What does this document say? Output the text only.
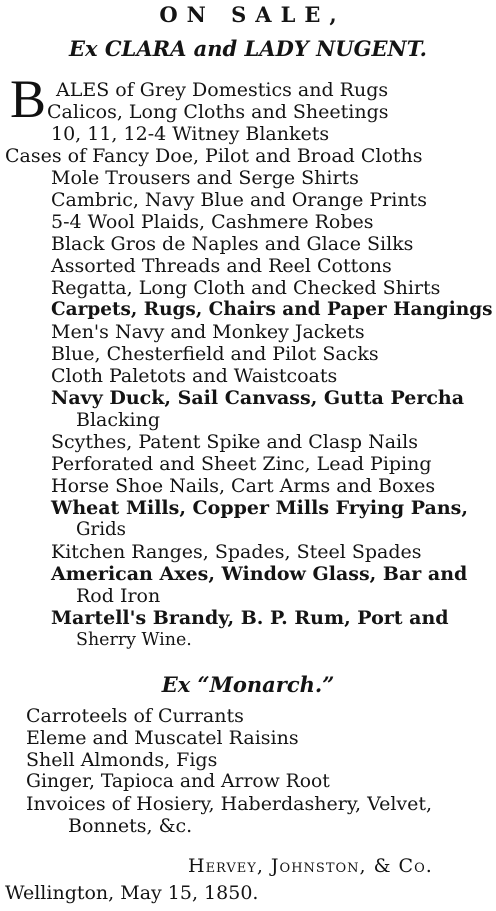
ON SALE,
Ex CLARA and LADY NUGENT.
B ALES of Grey Domestics and Rugs
Calicos, Long Cloths and Sheetings
10, 11, 12-4 Witney Blankets
Cases of Fancy Doe, Pilot and Broad Cloths
Mole Trousers and Serge Shirts
Cambric, Navy Blue and Orange Prints
5-4 Wool Plaids, Cashmere Robes
Black Gros de Naples and Glace Silks
Assorted Threads and Reel Cottons
Regatta, Long Cloth and Checked Shirts
Carpets, Rugs, Chairs and Paper Hangings
Men's Navy and Monkey Jackets
Blue, Chesterfield and Pilot Sacks
Cloth Paletots and Waistcoats
Navy Duck, Sail Canvass, Gutta Percha
Blacking
Scythes, Patent Spike and Clasp Nails
Perforated and Sheet Zinc, Lead Piping
Horse Shoe Nails, Cart Arms and Boxes
Wheat Mills, Copper Mills Frying Pans,
Grids
Kitchen Ranges, Spades, Steel Spades
American Axes, Window Glass, Bar and
Rod Iron
Martell's Brandy, B. P. Rum, Port and
Sherry Wine.
Ex “Monarch.”
Carroteels of Currants
Eleme and Muscatel Raisins
Shell Almonds, Figs
Ginger, Tapioca and Arrow Root
Invoices of Hosiery, Haberdashery, Velvet,
Bonnets, &c.
Hervey, Johnston, & Co.
Wellington, May 15, 1850.
